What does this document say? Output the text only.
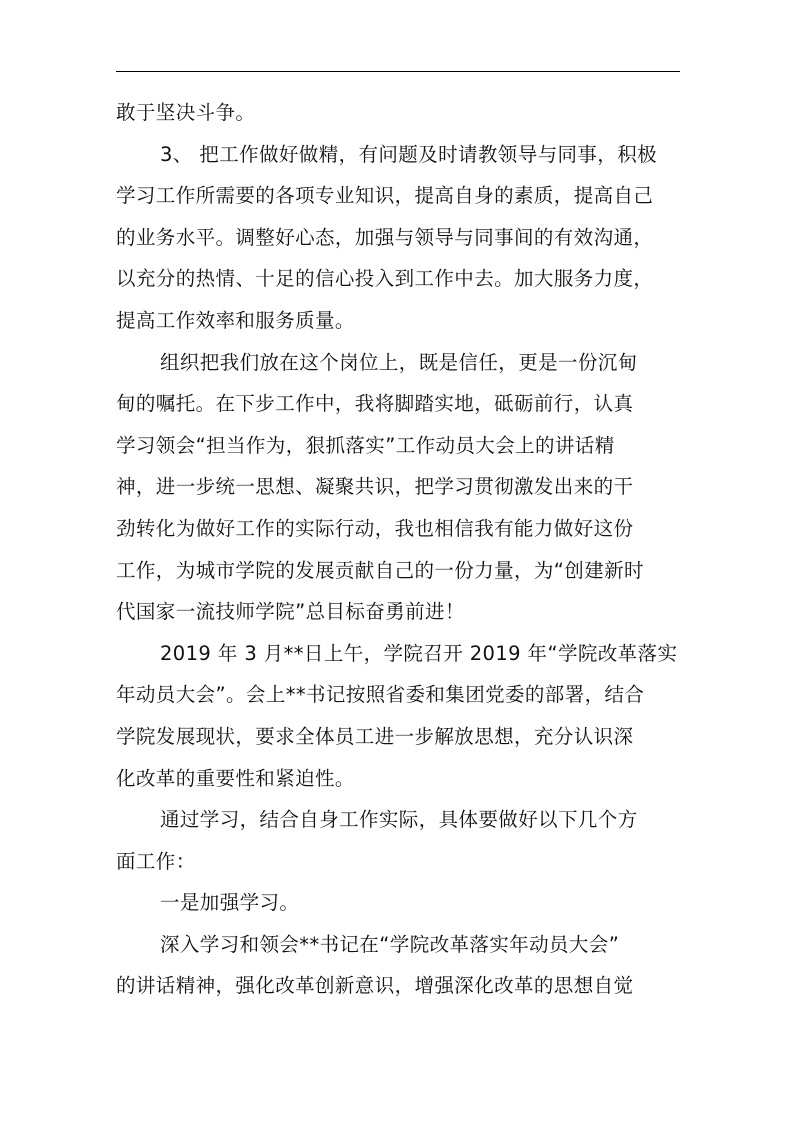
敢于坚决斗争。
3、 把工作做好做精，有问题及时请教领导与同事，积极
学习工作所需要的各项专业知识，提高自身的素质，提高自己
的业务水平。调整好心态，加强与领导与同事间的有效沟通，
以充分的热情、十足的信心投入到工作中去。加大服务力度，
提高工作效率和服务质量。
组织把我们放在这个岗位上，既是信任，更是一份沉甸
甸的嘱托。在下步工作中，我将脚踏实地，砥砺前行，认真
学习领会“担当作为，狠抓落实”工作动员大会上的讲话精
神，进一步统一思想、凝聚共识，把学习贯彻激发出来的干
劲转化为做好工作的实际行动，我也相信我有能力做好这份
工作，为城市学院的发展贡献自己的一份力量，为“创建新时
代国家一流技师学院”总目标奋勇前进！
2019 年 3 月**日上午，学院召开 2019 年“学院改革落实
年动员大会”。会上**书记按照省委和集团党委的部署，结合
学院发展现状，要求全体员工进一步解放思想，充分认识深
化改革的重要性和紧迫性。
通过学习，结合自身工作实际，具体要做好以下几个方
面工作：
一是加强学习。
深入学习和领会**书记在“学院改革落实年动员大会”
的讲话精神，强化改革创新意识，增强深化改革的思想自觉
